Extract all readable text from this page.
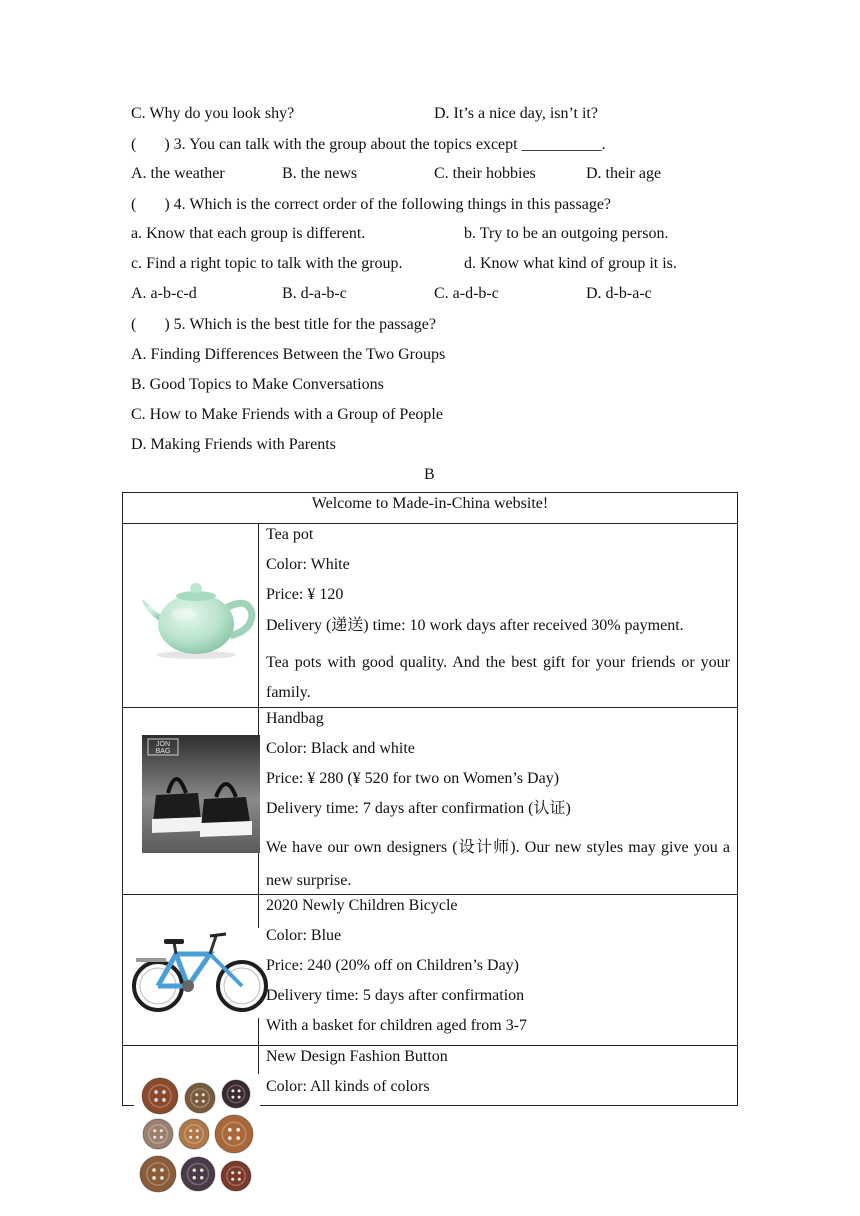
C. Why do you look shy?	D. It’s a nice day, isn’t it?
(       ) 3. You can talk with the group about the topics except __________.
A. the weather	B. the news	C. their hobbies	D. their age
(       ) 4. Which is the correct order of the following things in this passage?
a. Know that each group is different.	b. Try to be an outgoing person.
c. Find a right topic to talk with the group.	d. Know what kind of group it is.
A. a-b-c-d	B. d-a-b-c	C. a-d-b-c	D. d-b-a-c
(       ) 5. Which is the best title for the passage?
A. Finding Differences Between the Two Groups
B. Good Topics to Make Conversations
C. How to Make Friends with a Group of People
D. Making Friends with Parents
B
Welcome to Made-in-China website!
Tea pot
Color: White
Price: ¥ 120
Delivery (递送) time: 10 work days after received 30% payment.
Tea pots with good quality. And the best gift for your friends or your family.
JON
BAG
Handbag
Color: Black and white
Price: ¥ 280 (¥ 520 for two on Women’s Day)
Delivery time: 7 days after confirmation (认证)
We have our own designers (设计师). Our new styles may give you a new surprise.
2020 Newly Children Bicycle
Color: Blue
Price: 240 (20% off on Children’s Day)
Delivery time: 5 days after confirmation
With a basket for children aged from 3-7
New Design Fashion Button
Color: All kinds of colors
